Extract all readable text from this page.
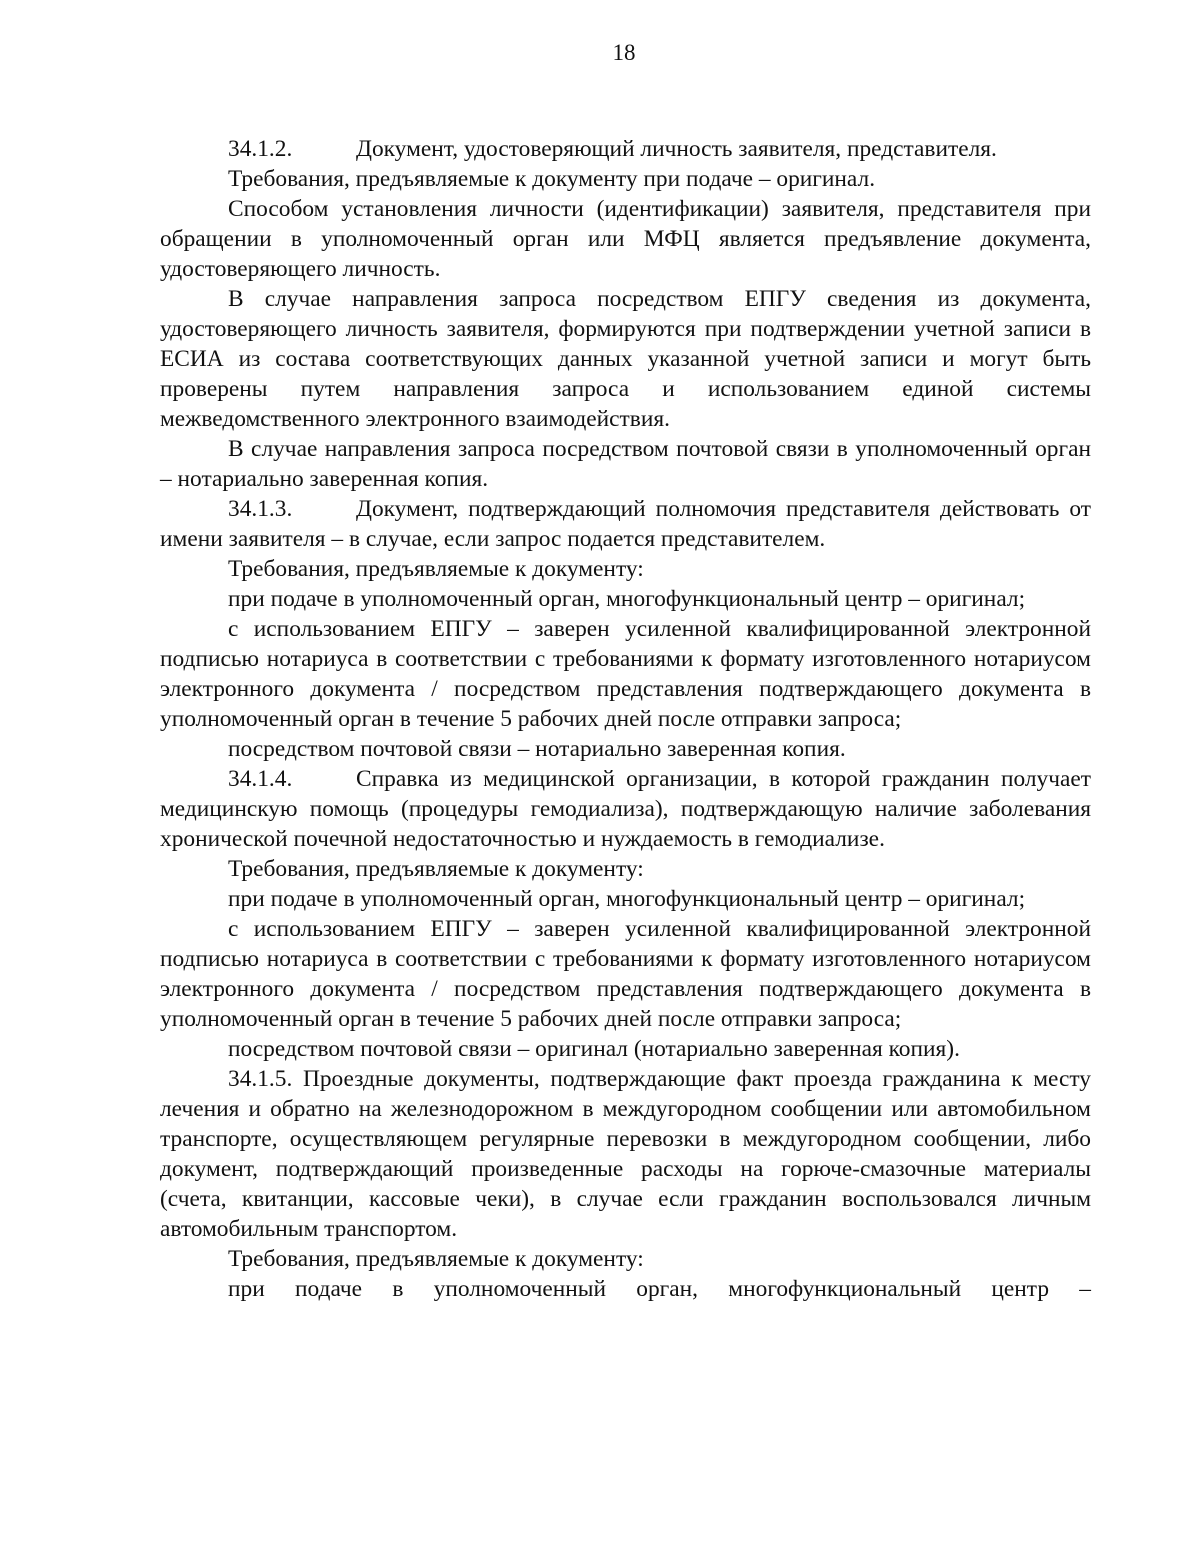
18

34.1.2.	Документ, удостоверяющий личность заявителя, представителя.

Требования, предъявляемые к документу при подаче – оригинал.

Способом установления личности (идентификации) заявителя, представителя при обращении в уполномоченный орган или МФЦ является предъявление документа, удостоверяющего личность.

В случае направления запроса посредством ЕПГУ сведения из документа, удостоверяющего личность заявителя, формируются при подтверждении учетной записи в ЕСИА из состава соответствующих данных указанной учетной записи и могут быть проверены путем направления запроса и использованием единой системы межведомственного электронного взаимодействия.

В случае направления запроса посредством почтовой связи в уполномоченный орган – нотариально заверенная копия.

34.1.3.	Документ, подтверждающий полномочия представителя действовать от имени заявителя – в случае, если запрос подается представителем.

Требования, предъявляемые к документу:

при подаче в уполномоченный орган, многофункциональный центр – оригинал;

с использованием ЕПГУ – заверен усиленной квалифицированной электронной подписью нотариуса в соответствии с требованиями к формату изготовленного нотариусом электронного документа / посредством представления подтверждающего документа в уполномоченный орган в течение 5 рабочих дней после отправки запроса;

посредством почтовой связи – нотариально заверенная копия.

34.1.4.	Справка из медицинской организации, в которой гражданин получает медицинскую помощь (процедуры гемодиализа), подтверждающую наличие заболевания хронической почечной недостаточностью и нуждаемость в гемодиализе.

Требования, предъявляемые к документу:

при подаче в уполномоченный орган, многофункциональный центр – оригинал;

с использованием ЕПГУ – заверен усиленной квалифицированной электронной подписью нотариуса в соответствии с требованиями к формату изготовленного нотариусом электронного документа / посредством представления подтверждающего документа в уполномоченный орган в течение 5 рабочих дней после отправки запроса;

посредством почтовой связи – оригинал (нотариально заверенная копия).

34.1.5. Проездные документы, подтверждающие факт проезда гражданина к месту лечения и обратно на железнодорожном в междугородном сообщении или автомобильном транспорте, осуществляющем регулярные перевозки в междугородном сообщении, либо документ, подтверждающий произведенные расходы на горюче-смазочные материалы (счета, квитанции, кассовые чеки), в случае если гражданин воспользовался личным автомобильным транспортом.

Требования, предъявляемые к документу:

при подаче в уполномоченный орган, многофункциональный центр –
